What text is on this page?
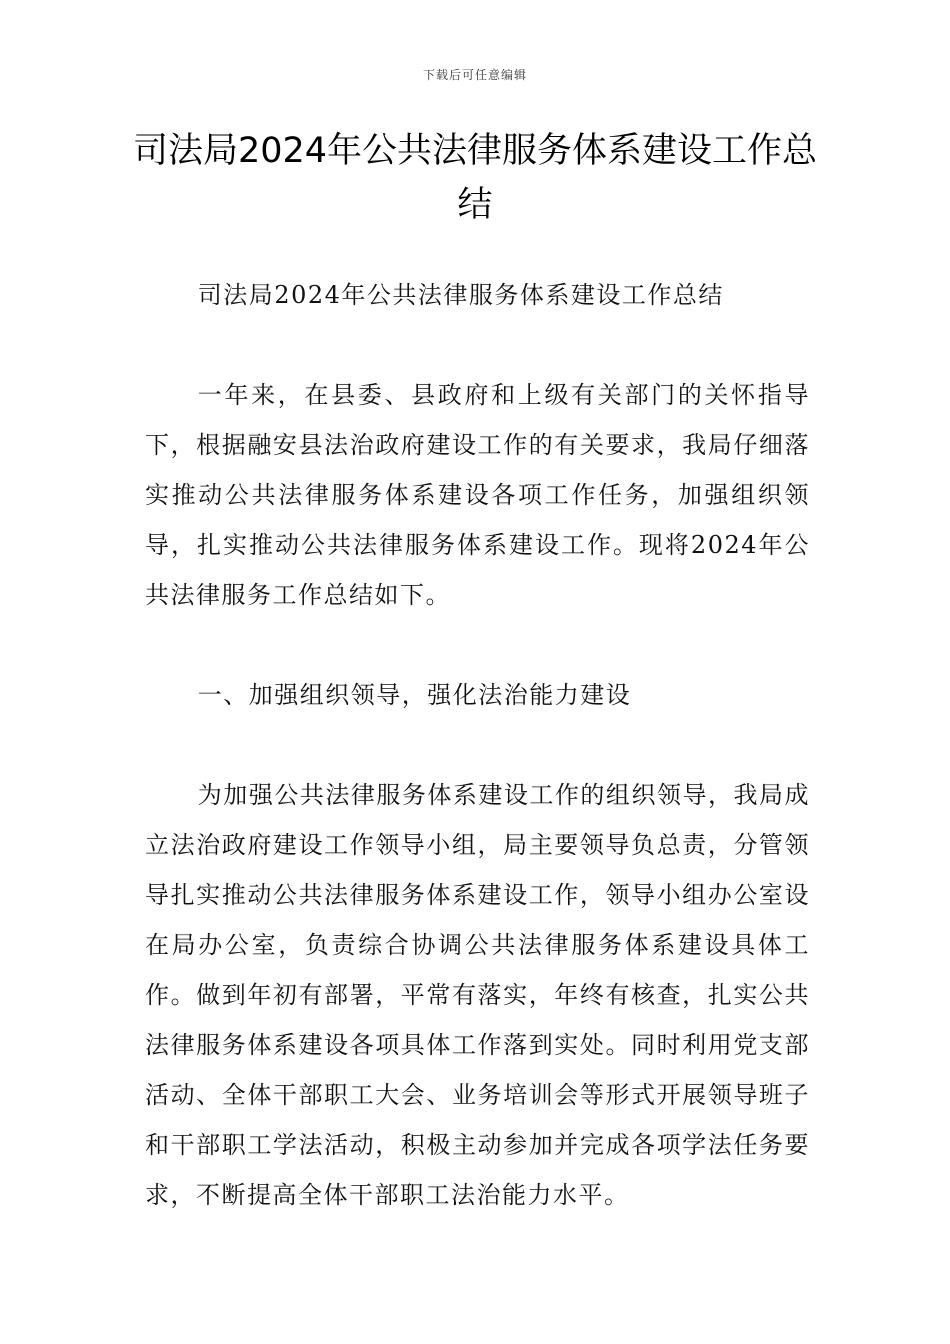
下载后可任意编辑
司法局2024年公共法律服务体系建设工作总结

司法局2024年公共法律服务体系建设工作总结

一年来，在县委、县政府和上级有关部门的关怀指导下，根据融安县法治政府建设工作的有关要求，我局仔细落实推动公共法律服务体系建设各项工作任务，加强组织领导，扎实推动公共法律服务体系建设工作。现将2024年公共法律服务工作总结如下。

一、加强组织领导，强化法治能力建设

为加强公共法律服务体系建设工作的组织领导，我局成立法治政府建设工作领导小组，局主要领导负总责，分管领导扎实推动公共法律服务体系建设工作，领导小组办公室设在局办公室，负责综合协调公共法律服务体系建设具体工作。做到年初有部署，平常有落实，年终有核查，扎实公共法律服务体系建设各项具体工作落到实处。同时利用党支部活动、全体干部职工大会、业务培训会等形式开展领导班子和干部职工学法活动，积极主动参加并完成各项学法任务要求，不断提高全体干部职工法治能力水平。
